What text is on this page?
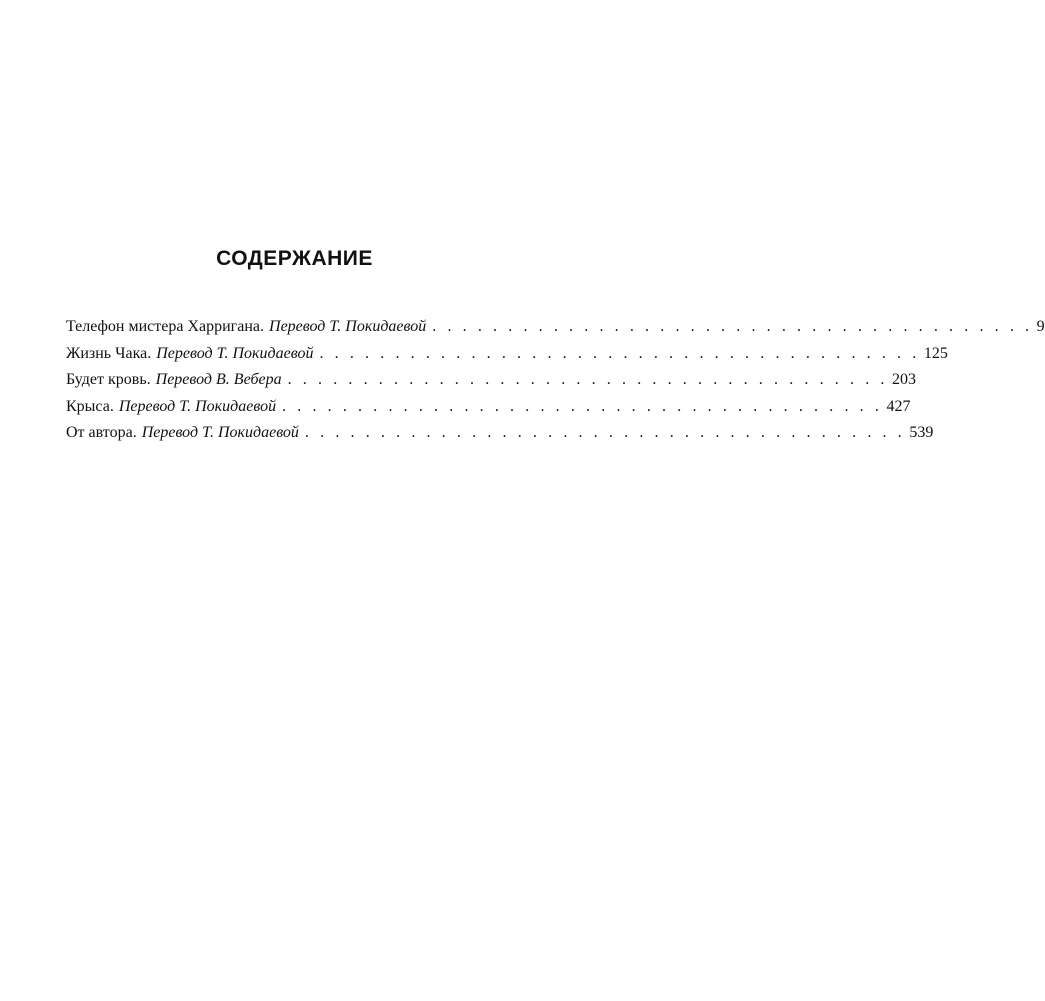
СОДЕРЖАНИЕ
Телефон мистера Харригана. Перевод Т. Покидаевой . . . . . . . . . . . . . . . . . . . . . . . . . . . . . . . . . . . . . . . . 9
Жизнь Чака. Перевод Т. Покидаевой . . . . . . . . . . . . . . . . . . . . . . . . . . . . . . . . . . . . . . . . 125
Будет кровь. Перевод В. Вебера . . . . . . . . . . . . . . . . . . . . . . . . . . . . . . . . . . . . . . . . 203
Крыса. Перевод Т. Покидаевой . . . . . . . . . . . . . . . . . . . . . . . . . . . . . . . . . . . . . . . . 427
От автора. Перевод Т. Покидаевой . . . . . . . . . . . . . . . . . . . . . . . . . . . . . . . . . . . . . . . . 539
